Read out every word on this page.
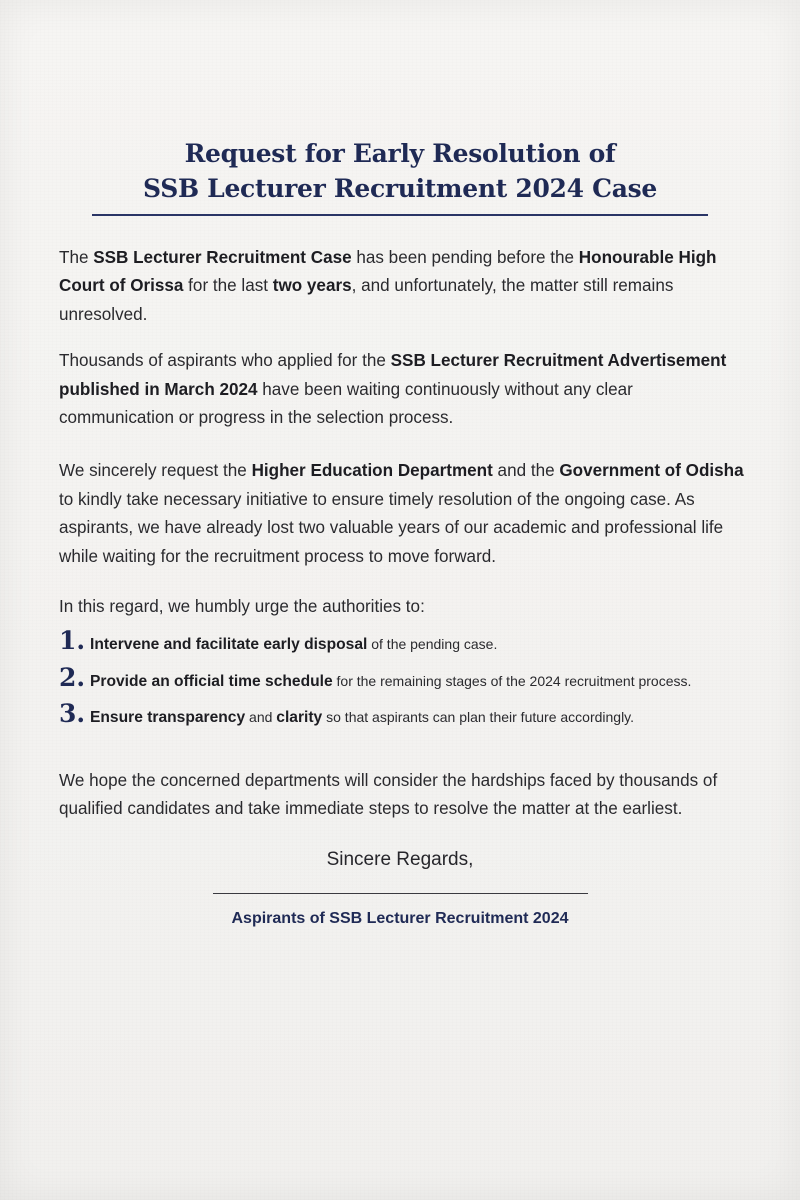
Request for Early Resolution of
SSB Lecturer Recruitment 2024 Case

The SSB Lecturer Recruitment Case has been pending before the Honourable High Court of Orissa for the last two years, and unfortunately, the matter still remains unresolved.

Thousands of aspirants who applied for the SSB Lecturer Recruitment Advertisement published in March 2024 have been waiting continuously without any clear communication or progress in the selection process.

We sincerely request the Higher Education Department and the Government of Odisha to kindly take necessary initiative to ensure timely resolution of the ongoing case. As aspirants, we have already lost two valuable years of our academic and professional life while waiting for the recruitment process to move forward.

In this regard, we humbly urge the authorities to:

1. Intervene and facilitate early disposal of the pending case.
2. Provide an official time schedule for the remaining stages of the 2024 recruitment process.
3. Ensure transparency and clarity so that aspirants can plan their future accordingly.

We hope the concerned departments will consider the hardships faced by thousands of qualified candidates and take immediate steps to resolve the matter at the earliest.

Sincere Regards,
Aspirants of SSB Lecturer Recruitment 2024
